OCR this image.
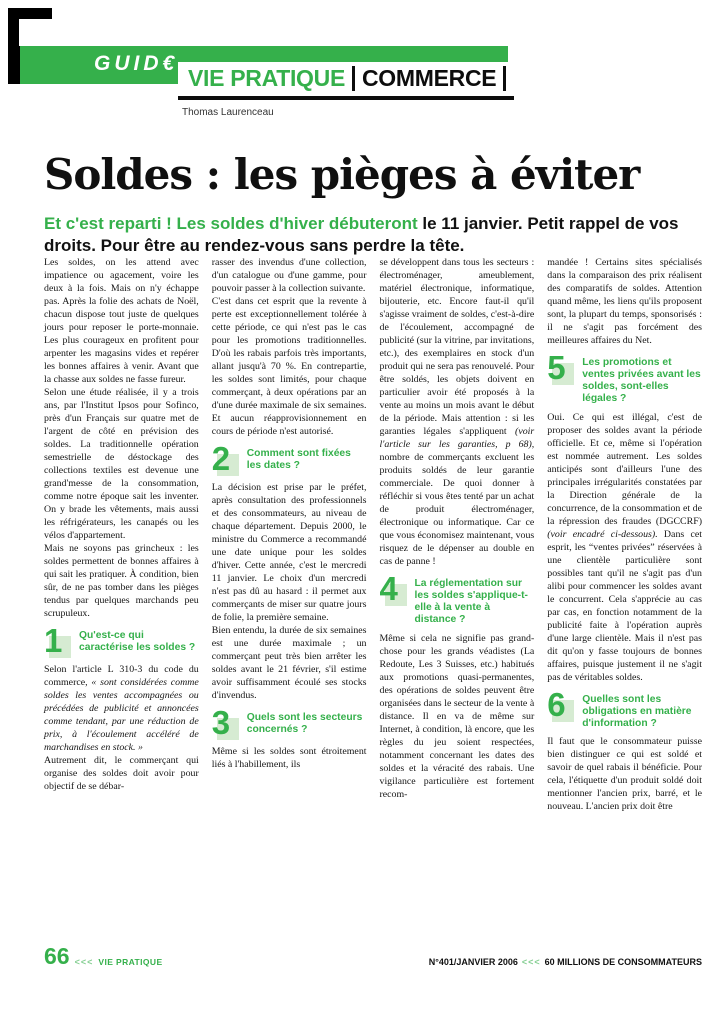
GUID€
VIE PRATIQUE COMMERCE
Thomas Laurenceau
Soldes : les pièges à éviter

Et c'est reparti ! Les soldes d'hiver débuteront le 11 janvier. Petit rappel de vos droits. Pour être au rendez-vous sans perdre la tête.

Les soldes, on les attend avec impatience ou agacement, voire les deux à la fois. Mais on n'y échappe pas. Après la folie des achats de Noël, chacun dispose tout juste de quelques jours pour reposer le porte-monnaie. Les plus courageux en profitent pour arpenter les magasins vides et repérer les bonnes affaires à venir. Avant que la chasse aux soldes ne fasse fureur.

Selon une étude réalisée, il y a trois ans, par l'Institut Ipsos pour Sofinco, près d'un Français sur quatre met de l'argent de côté en prévision des soldes. La traditionnelle opération semestrielle de déstockage des collections textiles est devenue une grand'messe de la consommation, comme notre époque sait les inventer. On y brade les vêtements, mais aussi les réfrigérateurs, les canapés ou les vélos d'appartement.

Mais ne soyons pas grincheux : les soldes permettent de bonnes affaires à qui sait les pratiquer. À condition, bien sûr, de ne pas tomber dans les pièges tendus par quelques marchands peu scrupuleux.

1 Qu'est-ce qui caractérise les soldes ?

Selon l'article L 310-3 du code du commerce, « sont considérées comme soldes les ventes accompagnées ou précédées de publicité et annoncées comme tendant, par une réduction de prix, à l'écoulement accéléré de marchandises en stock. »

Autrement dit, le commerçant qui organise des soldes doit avoir pour objectif de se débar-

rasser des invendus d'une collection, d'un catalogue ou d'une gamme, pour pouvoir passer à la collection suivante.

C'est dans cet esprit que la revente à perte est exceptionnellement tolérée à cette période, ce qui n'est pas le cas pour les promotions traditionnelles. D'où les rabais parfois très importants, allant jusqu'à 70 %. En contrepartie, les soldes sont limités, pour chaque commerçant, à deux opérations par an d'une durée maximale de six semaines. Et aucun réapprovisionnement en cours de période n'est autorisé.

2 Comment sont fixées les dates ?

La décision est prise par le préfet, après consultation des professionnels et des consommateurs, au niveau de chaque département. Depuis 2000, le ministre du Commerce a recommandé une date unique pour les soldes d'hiver. Cette année, c'est le mercredi 11 janvier. Le choix d'un mercredi n'est pas dû au hasard : il permet aux commerçants de miser sur quatre jours de folie, la première semaine.

Bien entendu, la durée de six semaines est une durée maximale ; un commerçant peut très bien arrêter les soldes avant le 21 février, s'il estime avoir suffisamment écoulé ses stocks d'invendus.

3 Quels sont les secteurs concernés ?

Même si les soldes sont étroitement liés à l'habillement, ils

se développent dans tous les secteurs : électroménager, ameublement, matériel électronique, informatique, bijouterie, etc. Encore faut-il qu'il s'agisse vraiment de soldes, c'est-à-dire de l'écoulement, accompagné de publicité (sur la vitrine, par invitations, etc.), des exemplaires en stock d'un produit qui ne sera pas renouvelé. Pour être soldés, les objets doivent en particulier avoir été proposés à la vente au moins un mois avant le début de la période. Mais attention : si les garanties légales s'appliquent (voir l'article sur les garanties, p 68), nombre de commerçants excluent les produits soldés de leur garantie commerciale. De quoi donner à réfléchir si vous êtes tenté par un achat de produit électroménager, électronique ou informatique. Car ce que vous économisez maintenant, vous risquez de le dépenser au double en cas de panne !

4 La réglementation sur les soldes s'applique-t-elle à la vente à distance ?

Même si cela ne signifie pas grand-chose pour les grands véadistes (La Redoute, Les 3 Suisses, etc.) habitués aux promotions quasi-permanentes, des opérations de soldes peuvent être organisées dans le secteur de la vente à distance. Il en va de même sur Internet, à condition, là encore, que les règles du jeu soient respectées, notamment concernant les dates des soldes et la véracité des rabais. Une vigilance particulière est fortement recom-

mandée ! Certains sites spécialisés dans la comparaison des prix réalisent des comparatifs de soldes. Attention quand même, les liens qu'ils proposent sont, la plupart du temps, sponsorisés : il ne s'agit pas forcément des meilleures affaires du Net.

5 Les promotions et ventes privées avant les soldes, sont-elles légales ?

Oui. Ce qui est illégal, c'est de proposer des soldes avant la période officielle. Et ce, même si l'opération est nommée autrement. Les soldes anticipés sont d'ailleurs l'une des principales irrégularités constatées par la Direction générale de la concurrence, de la consommation et de la répression des fraudes (DGCCRF) (voir encadré ci-dessous). Dans cet esprit, les “ventes privées” réservées à une clientèle particulière sont possibles tant qu'il ne s'agit pas d'un alibi pour commencer les soldes avant le concurrent. Cela s'apprécie au cas par cas, en fonction notamment de la publicité faite à l'opération auprès d'une large clientèle. Mais il n'est pas dit qu'on y fasse toujours de bonnes affaires, puisque justement il ne s'agit pas de véritables soldes.

6 Quelles sont les obligations en matière d'information ?

Il faut que le consommateur puisse bien distinguer ce qui est soldé et savoir de quel rabais il bénéficie. Pour cela, l'étiquette d'un produit soldé doit mentionner l'ancien prix, barré, et le nouveau. L'ancien prix doit être

66 <<< VIE PRATIQUE	N°401/JANVIER 2006 <<< 60 MILLIONS DE CONSOMMATEURS
